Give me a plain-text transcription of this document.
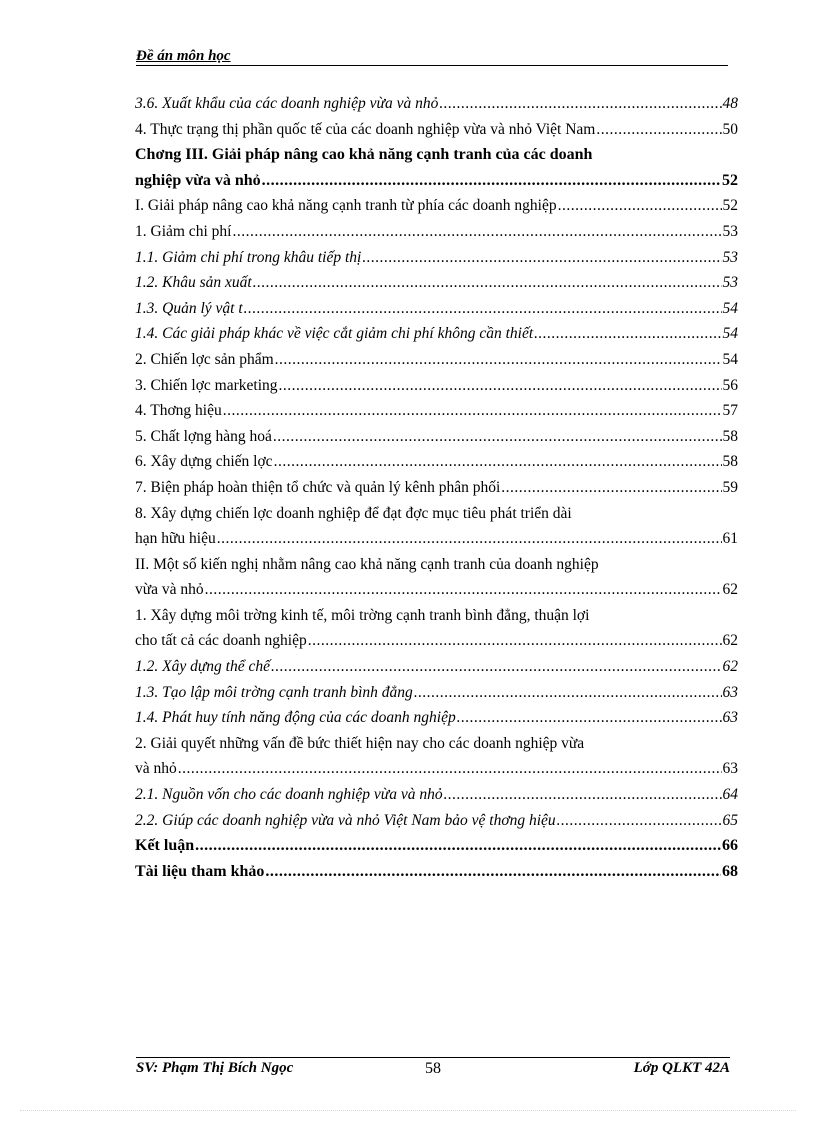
Đề án môn học
3.6. Xuất khẩu của các doanh nghiệp vừa và nhỏ .....	48
4. Thực trạng thị phần quốc tế của các doanh nghiệp vừa và nhỏ Việt Nam .....	50
Chơng III. Giải pháp nâng cao khả năng cạnh tranh của các doanh
nghiệp vừa và nhỏ .....	52
I. Giải pháp nâng cao khả năng cạnh tranh từ phía các doanh nghiệp .....	52
1. Giảm chi phí .....	53
1.1. Giảm chi phí trong khâu tiếp thị .....	53
1.2. Khâu sản xuất .....	53
1.3. Quản lý vật t .....	54
1.4. Các giải pháp khác về việc cắt giảm chi phí không cần thiết .....	54
2. Chiến lợc sản phẩm .....	54
3. Chiến lợc marketing .....	56
4. Thơng hiệu .....	57
5. Chất lợng hàng hoá .....	58
6. Xây dựng chiến lợc .....	58
7. Biện pháp hoàn thiện tổ chức và quản lý kênh phân phối .....	59
8. Xây dựng chiến lợc doanh nghiệp để đạt đợc mục tiêu phát triển dài
hạn hữu hiệu .....	61
II. Một số kiến nghị nhằm nâng cao khả năng cạnh tranh của doanh nghiệp
vừa và nhỏ .....	62
1. Xây dựng môi trờng kinh tế, môi trờng cạnh tranh bình đẳng, thuận lợi
cho tất cả các doanh nghiệp .....	62
1.2. Xây dựng thể chế .....	62
1.3. Tạo lập môi trờng cạnh tranh bình đẳng .....	63
1.4. Phát huy tính năng động của các doanh nghiệp .....	63
2. Giải quyết những vấn đề bức thiết hiện nay cho các doanh nghiệp vừa
và nhỏ .....	63
2.1. Nguồn vốn cho các doanh nghiệp vừa và nhỏ .....	64
2.2. Giúp các doanh nghiệp vừa và nhỏ Việt Nam bảo vệ thơng hiệu .....	65
Kết luận .....	66
Tài liệu tham khảo .....	68
SV: Phạm Thị Bích Ngọc	58	Lớp QLKT 42A
